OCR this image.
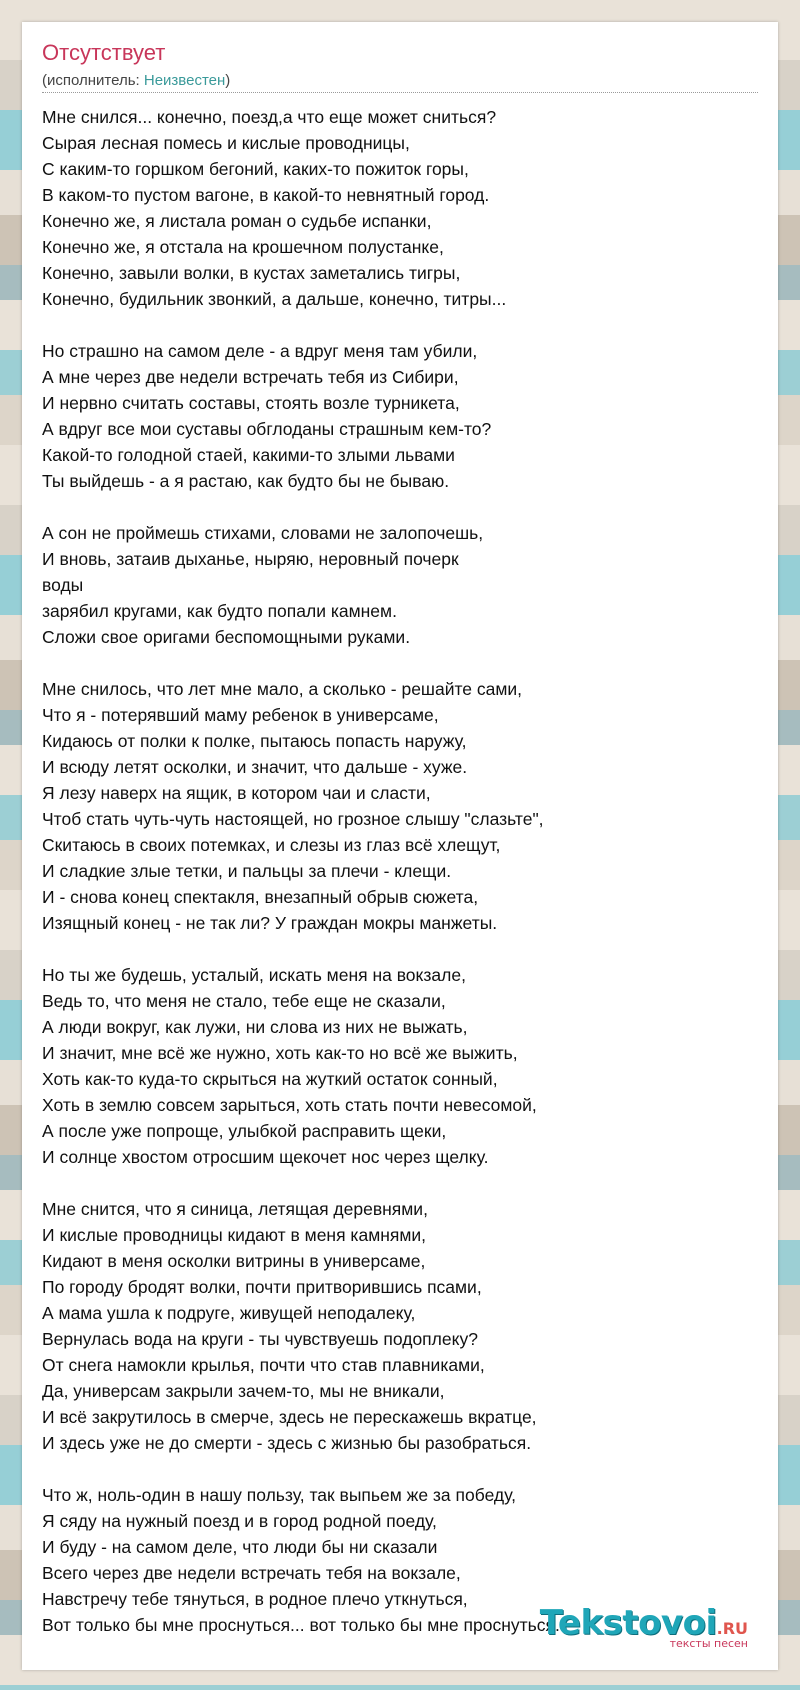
Отсутствует
(исполнитель: Неизвестен)
Мне снился... конечно, поезд,а что еще может сниться?
Сырая лесная помесь и кислые проводницы,
С каким-то горшком бегоний, каких-то пожиток горы,
В каком-то пустом вагоне, в какой-то невнятный город.
Конечно же, я листала роман о судьбе испанки,
Конечно же, я отстала на крошечном полустанке,
Конечно, завыли волки, в кустах заметались тигры,
Конечно, будильник звонкий, а дальше, конечно, титры...
Но страшно на самом деле - а вдруг меня там убили,
А мне через две недели встречать тебя из Сибири,
И нервно считать составы, стоять возле турникета,
А вдруг все мои суставы обглоданы страшным кем-то?
Какой-то голодной стаей, какими-то злыми львами
Ты выйдешь - а я растаю, как будто бы не бываю.
А сон не проймешь стихами, словами не залопочешь,
И вновь, затаив дыханье, ныряю, неровный почерк
воды
зарябил кругами, как будто попали камнем.
Сложи свое оригами беспомощными руками.
Мне снилось, что лет мне мало, а сколько - решайте сами,
Что я - потерявший маму ребенок в универсаме,
Кидаюсь от полки к полке, пытаюсь попасть наружу,
И всюду летят осколки, и значит, что дальше - хуже.
Я лезу наверх на ящик, в котором чаи и сласти,
Чтоб стать чуть-чуть настоящей, но грозное слышу "слазьте",
Скитаюсь в своих потемках, и слезы из глаз всё хлещут,
И сладкие злые тетки, и пальцы за плечи - клещи.
И - снова конец спектакля, внезапный обрыв сюжета,
Изящный конец - не так ли? У граждан мокры манжеты.
Но ты же будешь, усталый, искать меня на вокзале,
Ведь то, что меня не стало, тебе еще не сказали,
А люди вокруг, как лужи, ни слова из них не выжать,
И значит, мне всё же нужно, хоть как-то но всё же выжить,
Хоть как-то куда-то скрыться на жуткий остаток сонный,
Хоть в землю совсем зарыться, хоть стать почти невесомой,
А после уже попроще, улыбкой расправить щеки,
И солнце хвостом отросшим щекочет нос через щелку.
Мне снится, что я синица, летящая деревнями,
И кислые проводницы кидают в меня камнями,
Кидают в меня осколки витрины в универсаме,
По городу бродят волки, почти притворившись псами,
А мама ушла к подруге, живущей неподалеку,
Вернулась вода на круги - ты чувствуешь подоплеку?
От снега намокли крылья, почти что став плавниками,
Да, универсам закрыли зачем-то, мы не вникали,
И всё закрутилось в смерче, здесь не перескажешь вкратце,
И здесь уже не до смерти - здесь с жизнью бы разобраться.
Что ж, ноль-один в нашу пользу, так выпьем же за победу,
Я сяду на нужный поезд и в город родной поеду,
И буду - на самом деле, что люди бы ни сказали
Всего через две недели встречать тебя на вокзале,
Навстречу тебе тянуться, в родное плечо уткнуться,
Вот только бы мне проснуться... вот только бы мне проснуться.
Tekstovoi.RU
тексты песен
